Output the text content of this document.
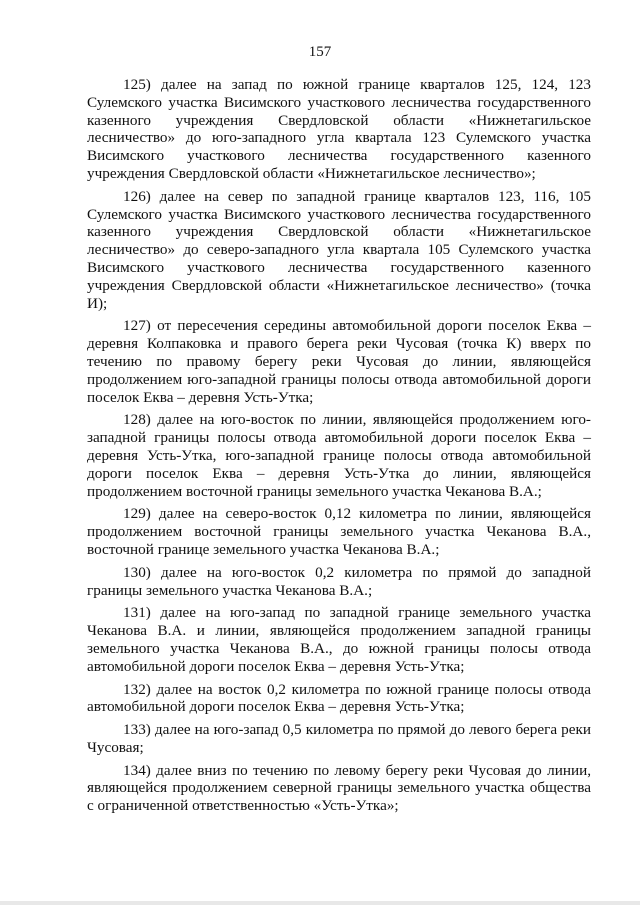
157

125) далее на запад по южной границе кварталов 125, 124, 123 Сулемского участка Висимского участкового лесничества государственного казенного учреждения Свердловской области «Нижнетагильское лесничество» до юго-западного угла квартала 123 Сулемского участка Висимского участкового лесничества государственного казенного учреждения Свердловской области «Нижнетагильское лесничество»;

126) далее на север по западной границе кварталов 123, 116, 105 Сулемского участка Висимского участкового лесничества государственного казенного учреждения Свердловской области «Нижнетагильское лесничество» до северо-западного угла квартала 105 Сулемского участка Висимского участкового лесничества государственного казенного учреждения Свердловской области «Нижнетагильское лесничество» (точка И);

127) от пересечения середины автомобильной дороги поселок Еква – деревня Колпаковка и правого берега реки Чусовая (точка К) вверх по течению по правому берегу реки Чусовая до линии, являющейся продолжением юго-западной границы полосы отвода автомобильной дороги поселок Еква – деревня Усть-Утка;

128) далее на юго-восток по линии, являющейся продолжением юго-западной границы полосы отвода автомобильной дороги поселок Еква – деревня Усть-Утка, юго-западной границе полосы отвода автомобильной дороги поселок Еква – деревня Усть-Утка до линии, являющейся продолжением восточной границы земельного участка Чеканова В.А.;

129) далее на северо-восток 0,12 километра по линии, являющейся продолжением восточной границы земельного участка Чеканова В.А., восточной границе земельного участка Чеканова В.А.;

130) далее на юго-восток 0,2 километра по прямой до западной границы земельного участка Чеканова В.А.;

131) далее на юго-запад по западной границе земельного участка Чеканова В.А. и линии, являющейся продолжением западной границы земельного участка Чеканова В.А., до южной границы полосы отвода автомобильной дороги поселок Еква – деревня Усть-Утка;

132) далее на восток 0,2 километра по южной границе полосы отвода автомобильной дороги поселок Еква – деревня Усть-Утка;

133) далее на юго-запад 0,5 километра по прямой до левого берега реки Чусовая;

134) далее вниз по течению по левому берегу реки Чусовая до линии, являющейся продолжением северной границы земельного участка общества с ограниченной ответственностью «Усть-Утка»;
